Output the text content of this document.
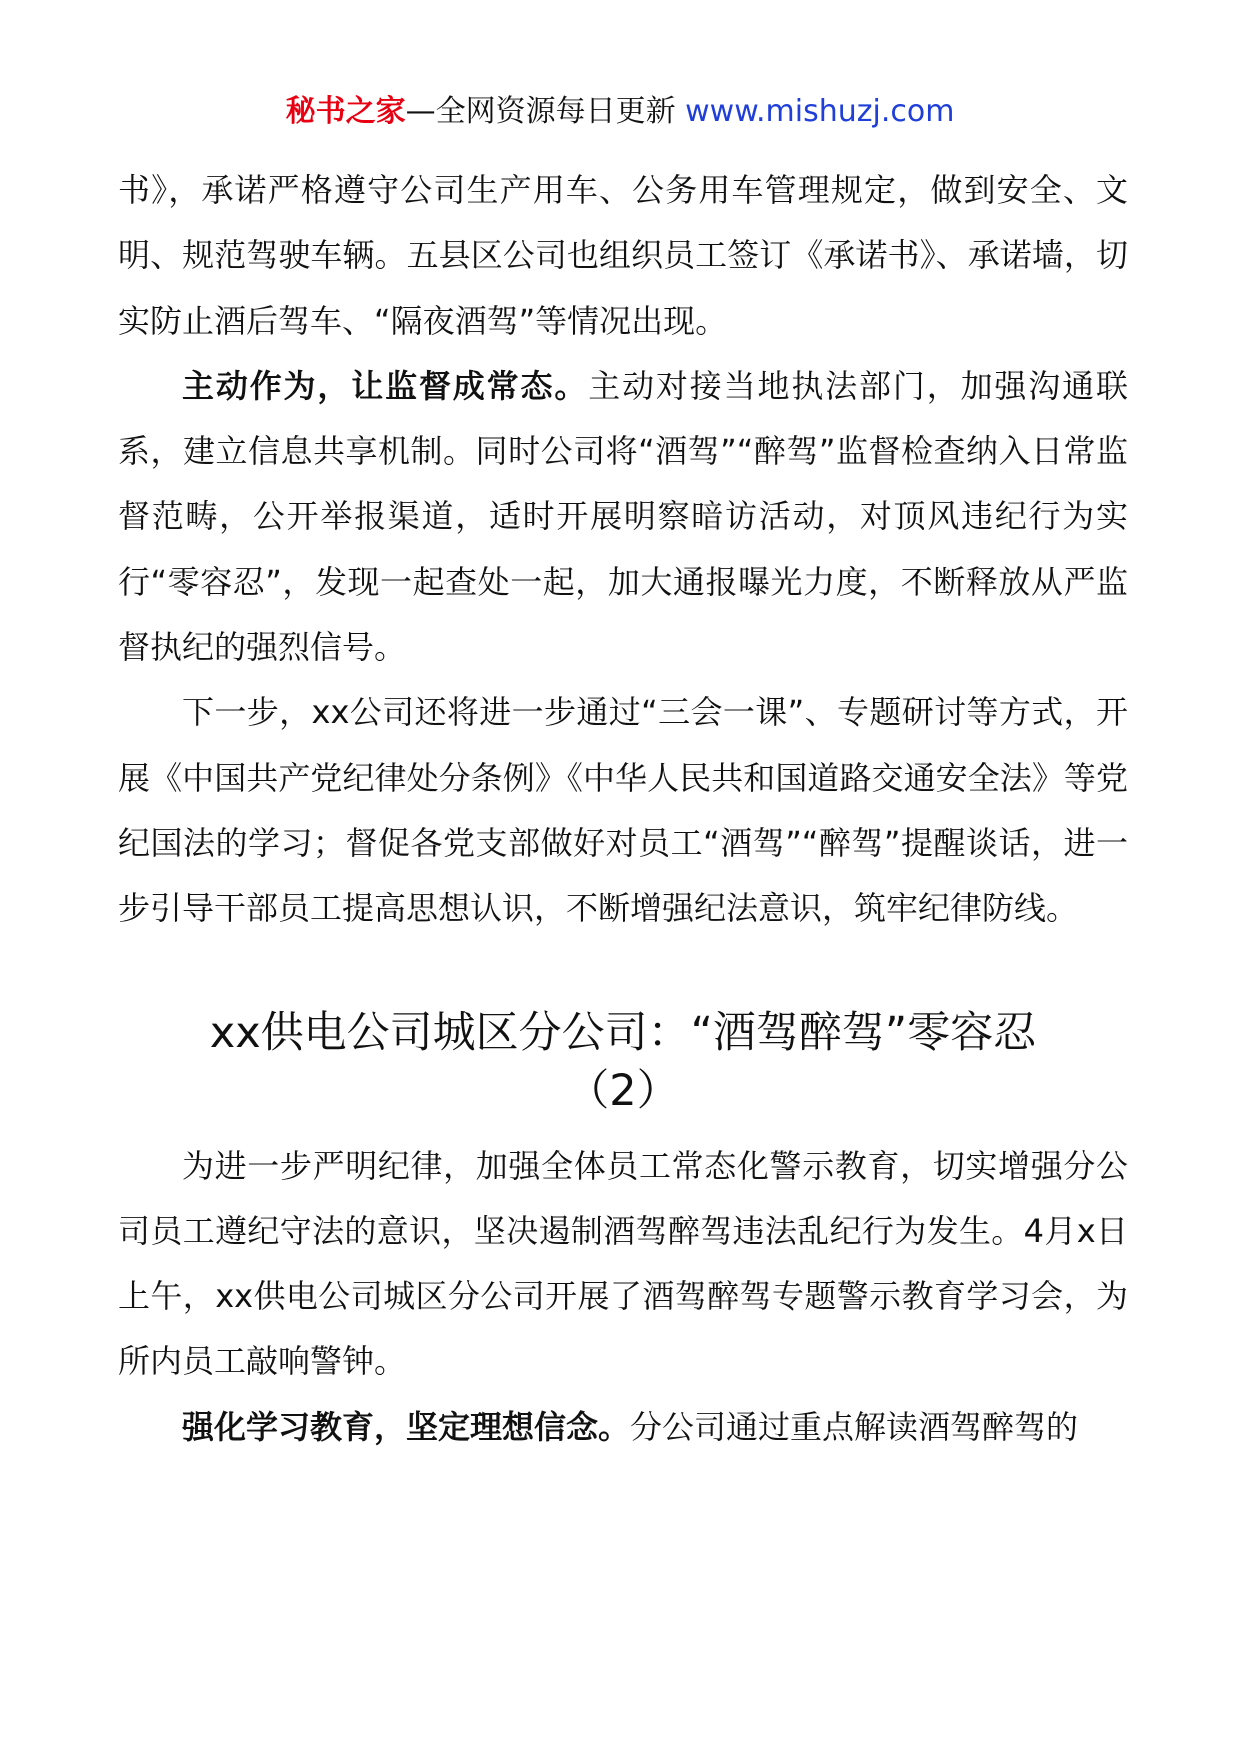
秘书之家—全网资源每日更新 www.mishuzj.com

书》，承诺严格遵守公司生产用车、公务用车管理规定，做到安全、文明、规范驾驶车辆。五县区公司也组织员工签订《承诺书》、承诺墙，切实防止酒后驾车、“隔夜酒驾”等情况出现。

主动作为，让监督成常态。主动对接当地执法部门，加强沟通联系，建立信息共享机制。同时公司将“酒驾”“醉驾”监督检查纳入日常监督范畴，公开举报渠道，适时开展明察暗访活动，对顶风违纪行为实行“零容忍”，发现一起查处一起，加大通报曝光力度，不断释放从严监督执纪的强烈信号。

下一步，xx公司还将进一步通过“三会一课”、专题研讨等方式，开展《中国共产党纪律处分条例》《中华人民共和国道路交通安全法》等党纪国法的学习；督促各党支部做好对员工“酒驾”“醉驾”提醒谈话，进一步引导干部员工提高思想认识，不断增强纪法意识，筑牢纪律防线。

xx供电公司城区分公司：“酒驾醉驾”零容忍
（2）

为进一步严明纪律，加强全体员工常态化警示教育，切实增强分公司员工遵纪守法的意识，坚决遏制酒驾醉驾违法乱纪行为发生。4月x日上午，xx供电公司城区分公司开展了酒驾醉驾专题警示教育学习会，为所内员工敲响警钟。

强化学习教育，坚定理想信念。分公司通过重点解读酒驾醉驾的
